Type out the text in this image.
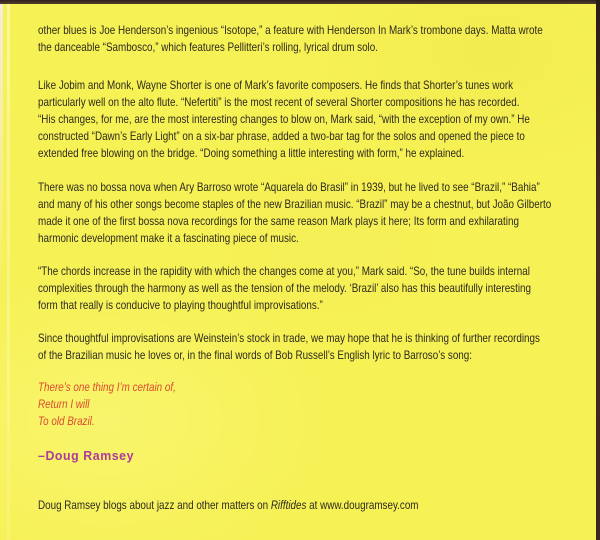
other blues is Joe Henderson’s ingenious “Isotope,” a feature with Henderson In Mark’s trombone days. Matta wrote
the danceable “Sambosco,” which features Pellitteri’s rolling, lyrical drum solo.
Like Jobim and Monk, Wayne Shorter is one of Mark’s favorite composers. He finds that Shorter’s tunes work
particularly well on the alto flute. “Nefertiti” is the most recent of several Shorter compositions he has recorded.
“His changes, for me, are the most interesting changes to blow on, Mark said, “with the exception of my own.” He
constructed “Dawn’s Early Light” on a six-bar phrase, added a two-bar tag for the solos and opened the piece to
extended free blowing on the bridge. “Doing something a little interesting with form,” he explained.
There was no bossa nova when Ary Barroso wrote “Aquarela do Brasil” in 1939, but he lived to see “Brazil,” “Bahia”
and many of his other songs become staples of the new Brazilian music. “Brazil” may be a chestnut, but João Gilberto
made it one of the first bossa nova recordings for the same reason Mark plays it here; Its form and exhilarating
harmonic development make it a fascinating piece of music.
“The chords increase in the rapidity with which the changes come at you,” Mark said. “So, the tune builds internal
complexities through the harmony as well as the tension of the melody. ‘Brazil’ also has this beautifully interesting
form that really is conducive to playing thoughtful improvisations.”
Since thoughtful improvisations are Weinstein’s stock in trade, we may hope that he is thinking of further recordings
of the Brazilian music he loves or, in the final words of Bob Russell’s English lyric to Barroso’s song:
There’s one thing I’m certain of,
Return I will
To old Brazil.
–Doug Ramsey
Doug Ramsey blogs about jazz and other matters on Rifftides at www.dougramsey.com
